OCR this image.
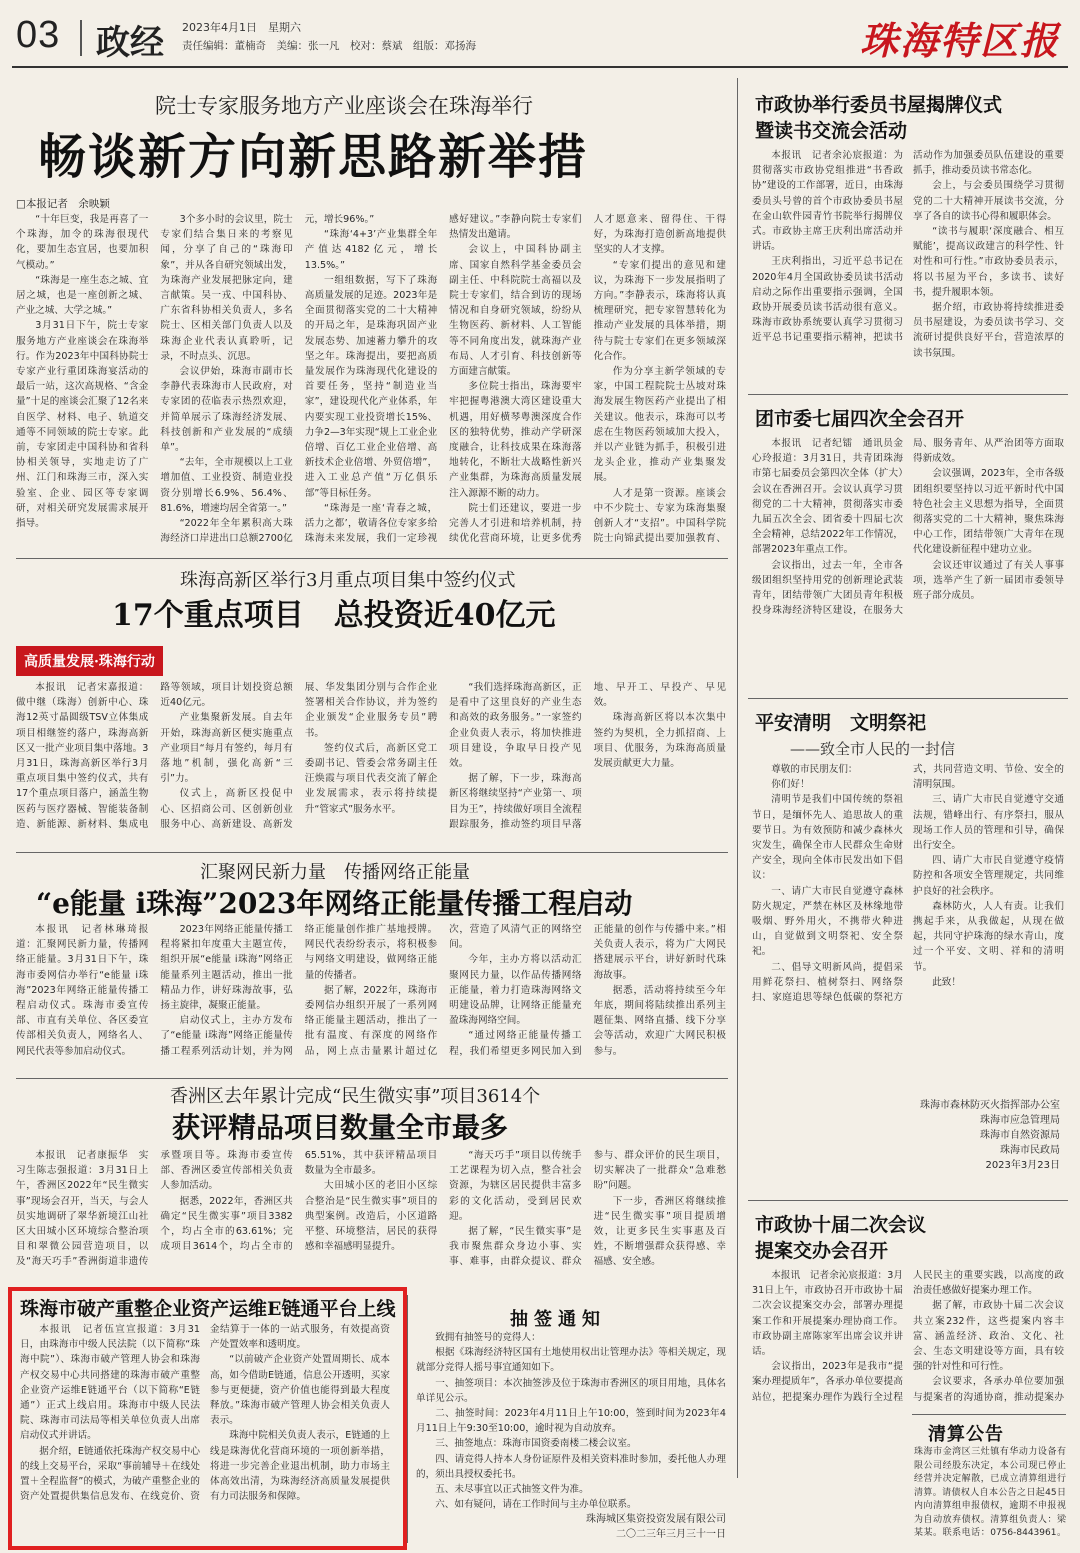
03 政经 2023年4月1日　星期六
责任编辑：董楠奇　美编：张一凡　校对：蔡斌　组版：邓扬海	珠海特区报
院士专家服务地方产业座谈会在珠海举行
畅谈新方向新思路新举措
□本报记者　余映颖

“十年巨变，我是再喜了一个珠海，加令的珠海很现代化，要加生态宜居，也要加积气模动。”

“珠海是一座生态之城、宜居之城，也是一座创新之城、产业之城、大学之城。”

3月31日下午，院士专家服务地方产业座谈会在珠海举行。作为2023年中国科协院士专家产业行重团珠海宴活动的最后一站，这次高规格、“含金量”十足的座谈会汇聚了12名来自医学、材料、电子、轨道交通等不同领域的院士专家。此前，专家团走中国科协和省科协相关领导，实地走访了广州、江门和珠海三市，深入实验室、企业、园区等专家调研，对相关研究发展需求展开指导。

3个多小时的会议里，院士专家们结合集日来的考察见闻，分享了自己的“珠海印象”，并从各自研究领域出发，为珠海产业发展把脉定向，建言献策。吴一戎、中国科协、广东省科协相关负责人，多名院士、区相关部门负责人以及珠海企业代表认真聆听，记录，不时点头、沉思。

会议伊始，珠海市副市长李静代表珠海市人民政府，对专家团的莅临表示热烈欢迎，并简单展示了珠海经济发展、科技创新和产业发展的“成绩单”。

“去年，全市规模以上工业增加值、工业投资、制造业投资分别增长6.9%、56.4%、81.6%，增速均居全省第一。”

“2022年全年累积高大珠海经济口岸进出口总额2700亿元，增长96%。”

“珠海‘4+3’产业集群全年产值达4182亿元，增长13.5%。”

一组组数据，写下了珠海高质量发展的足迹。2023年是全面贯彻落实党的二十大精神的开局之年，是珠海巩固产业发展态势、加速蓄力攀升的攻坚之年。珠海提出，要把高质量发展作为珠海现代化建设的首要任务，坚持“制造业当家”，建设现代化产业体系，年内要实现工业投资增长15%、力争2—3年实现“规上工业企业倍增、百亿工业企业倍增、高新技术企业倍增、外贸倍增”，进入工业总产值“万亿俱乐部”等目标任务。

“珠海是一座‘青春之城，活力之都’，敬请各位专家多给珠海未来发展，我们一定珍视感好建议。”李静向院士专家们热情发出邀请。

会议上，中国科协副主席、国家自然科学基金委员会副主任、中科院院士高福以及院士专家们，结合到访的现场情况和自身研究领域，纷纷从生物医药、新材料、人工智能等不同角度出发，就珠海产业布局、人才引育、科技创新等方面建言献策。

多位院士指出，珠海要牢牢把握粤港澳大湾区建设重大机遇，用好横琴粤澳深度合作区的独特优势，推动产学研深度融合，让科技成果在珠海落地转化，不断壮大战略性新兴产业集群，为珠海高质量发展注入源源不断的动力。

院士们还建议，要进一步完善人才引进和培养机制，持续优化营商环境，让更多优秀人才愿意来、留得住、干得好，为珠海打造创新高地提供坚实的人才支撑。

“专家们提出的意见和建议，为珠海下一步发展指明了方向。”李静表示，珠海将认真梳理研究，把专家智慧转化为推动产业发展的具体举措，期待与院士专家们在更多领域深化合作。

作为分享主新学领域的专家，中国工程院院士丛坡对珠海发展生物医药产业提出了相关建议。他表示，珠海可以考虑在生物医药领域加大投入，并以产业链为抓手，积极引进龙头企业，推动产业集聚发展。

人才是第一资源。座谈会中不少院士、专家为珠海集聚创新人才“支招”。中国科学院院士向锦武提出要加强教育、

珠海高新区举行3月重点项目集中签约仪式
17个重点项目　总投资近40亿元
高质量发展·珠海行动

本报讯　记者宋嘉报道：做中继（珠海）创新中心、珠海12英寸晶圆级TSV立体集成项目相继签约落户，珠海高新区又一批产业项目集中落地。3月31日，珠海高新区举行3月重点项目集中签约仪式，共有17个重点项目落户，涵盖生物医药与医疗器械、智能装备制造、新能源、新材料、集成电路等领域，项目计划投资总额近40亿元。

产业集聚新发展。自去年开始，珠海高新区便实施重点产业项目“每月有签约，每月有落地”机制，强化高新“三引”力。

仪式上，高新区投促中心、区招商公司、区创新创业服务中心、高新建设、高新发展、华发集团分别与合作企业签署相关合作协议，并为签约企业颁发“企业服务专员”聘书。

签约仪式后，高新区党工委副书记、管委会常务副主任汪焕霞与项目代表交流了解企业发展需求，表示将持续提升“管家式”服务水平。

“我们选择珠海高新区，正是看中了这里良好的产业生态和高效的政务服务。”一家签约企业负责人表示，将加快推进项目建设，争取早日投产见效。

据了解，下一步，珠海高新区将继续坚持“产业第一、项目为王”，持续做好项目全流程跟踪服务，推动签约项目早落地、早开工、早投产、早见效。

珠海高新区将以本次集中签约为契机，全力抓招商、上项目、优服务，为珠海高质量发展贡献更大力量。

汇聚网民新力量　传播网络正能量
“e能量 i珠海”2023年网络正能量传播工程启动

本报讯　记者林琳琦报道：汇聚网民新力量，传播网络正能量。3月31日下午，珠海市委网信办举行“e能量 i珠海”2023年网络正能量传播工程启动仪式。珠海市委宣传部、市直有关单位、各区委宣传部相关负责人，网络名人、网民代表等参加启动仪式。

2023年网络正能量传播工程将紧扣年度重大主题宣传，组织开展“e能量 i珠海”网络正能量系列主题活动，推出一批精品力作，讲好珠海故事，弘扬主旋律，凝聚正能量。

启动仪式上，主办方发布了“e能量 i珠海”网络正能量传播工程系列活动计划，并为网络正能量创作推广基地授牌。网民代表纷纷表示，将积极参与网络文明建设，做网络正能量的传播者。

据了解，2022年，珠海市委网信办组织开展了一系列网络正能量主题活动，推出了一批有温度、有深度的网络作品，网上点击量累计超过亿次，营造了风清气正的网络空间。

今年，主办方将以活动汇聚网民力量，以作品传播网络正能量，着力打造珠海网络文明建设品牌，让网络正能量充盈珠海网络空间。

“通过网络正能量传播工程，我们希望更多网民加入到正能量的创作与传播中来。”相关负责人表示，将为广大网民搭建展示平台，讲好新时代珠海故事。

据悉，活动将持续至今年年底，期间将陆续推出系列主题征集、网络直播、线下分享会等活动，欢迎广大网民积极参与。

香洲区去年累计完成“民生微实事”项目3614个
获评精品项目数量全市最多

本报讯　记者康振华　实习生陈志强报道：3月31日上午，香洲区2022年“民生微实事”现场会召开，当天，与会人员实地调研了翠华新境江山社区大田城小区环境综合整治项目和翠微公园营造项目，以及“海天巧手”香洲街道非遗传承暨项目等。珠海市委宣传部、香洲区委宣传部相关负责人参加活动。

据悉，2022年，香洲区共确定“民生微实事”项目3382个，均占全市的63.61%；完成项目3614个，均占全市的65.51%，其中获评精品项目数量为全市最多。

大田城小区的老旧小区综合整治是“民生微实事”项目的典型案例。改造后，小区道路平整、环境整洁，居民的获得感和幸福感明显提升。

“海天巧手”项目以传统手工艺课程为切入点，整合社会资源，为辖区居民提供丰富多彩的文化活动，受到居民欢迎。

据了解，“民生微实事”是我市聚焦群众身边小事、实事、难事，由群众提议、群众参与、群众评价的民生项目，切实解决了一批群众“急难愁盼”问题。

下一步，香洲区将继续推进“民生微实事”项目提质增效，让更多民生实事惠及百姓，不断增强群众获得感、幸福感、安全感。

珠海市破产重整企业资产运维E链通平台上线

本报讯　记者伍宣宣报道：3月31日，由珠海市中级人民法院（以下简称“珠海中院”）、珠海市破产管理人协会和珠海产权交易中心共同搭建的珠海市破产重整企业资产运维E链通平台（以下简称“E链通”）正式上线启用。珠海市中级人民法院、珠海市司法局等相关单位负责人出席启动仪式并讲话。

据介绍，E链通依托珠海产权交易中心的线上交易平台，采取“事前辅导＋在线处置＋全程监督”的模式，为破产重整企业的资产处置提供集信息发布、在线竞价、资金结算于一体的一站式服务，有效提高资产处置效率和透明度。

“以前破产企业资产处置周期长、成本高，如今借助E链通，信息公开透明，买家参与更便捷，资产价值也能得到最大程度释放。”珠海市破产管理人协会相关负责人表示。

珠海中院相关负责人表示，E链通的上线是珠海优化营商环境的一项创新举措，将进一步完善企业退出机制，助力市场主体高效出清，为珠海经济高质量发展提供有力司法服务和保障。

抽签通知

致拥有抽签号的竞得人：

根据《珠海经济特区国有土地使用权出让管理办法》等相关规定，现就部分竞得人摇号事宜通知如下。

一、抽签项目：本次抽签涉及位于珠海市香洲区的项目用地，具体名单详见公示。

二、抽签时间：2023年4月11日上午10:00，签到时间为2023年4月11日上午9:30至10:00，逾时视为自动放弃。

三、抽签地点：珠海市国资委南楼二楼会议室。

四、请竞得人持本人身份证原件及相关资料准时参加，委托他人办理的，须出具授权委托书。

五、未尽事宜以正式抽签文件为准。

六、如有疑问，请在工作时间与主办单位联系。

珠海城区集资投资发展有限公司
二〇二三年三月三十一日
市政协举行委员书屋揭牌仪式
暨读书交流会活动

本报讯　记者余沁宸报道：为贯彻落实市政协党组推进“书香政协”建设的工作部署，近日，由珠海委员头号曾的首个市政协委员书屋在金山软件园青竹书院举行揭牌仪式。市政协主席王庆利出席活动并讲话。

王庆利指出，习近平总书记在2020年4月全国政协委员读书活动启动之际作出重要指示强调，全国政协开展委员读书活动很有意义。珠海市政协系统要认真学习贯彻习近平总书记重要指示精神，把读书活动作为加强委员队伍建设的重要抓手，推动委员读书常态化。

会上，与会委员围绕学习贯彻党的二十大精神开展读书交流，分享了各自的读书心得和履职体会。

“读书与履职‘深度融合、相互赋能’，提高议政建言的科学性、针对性和可行性。”市政协委员表示，将以书屋为平台，多读书、读好书，提升履职本领。

据介绍，市政协将持续推进委员书屋建设，为委员读书学习、交流研讨提供良好平台，营造浓厚的读书氛围。

团市委七届四次全会召开

本报讯　记者纪镭　通讯员金心玲报道：3月31日，共青团珠海市第七届委员会第四次全体（扩大）会议在香洲召开。会议认真学习贯彻党的二十大精神，贯彻落实市委九届五次全会、团省委十四届七次全会精神，总结2022年工作情况，部署2023年重点工作。

会议指出，过去一年，全市各级团组织坚持用党的创新理论武装青年，团结带领广大团员青年积极投身珠海经济特区建设，在服务大局、服务青年、从严治团等方面取得新成效。

会议强调，2023年，全市各级团组织要坚持以习近平新时代中国特色社会主义思想为指导，全面贯彻落实党的二十大精神，聚焦珠海中心工作，团结带领广大青年在现代化建设新征程中建功立业。

会议还审议通过了有关人事事项，选举产生了新一届团市委领导班子部分成员。

平安清明　文明祭祀
——致全市人民的一封信

尊敬的市民朋友们：

你们好！

清明节是我们中国传统的祭祖节日，是缅怀先人、追思故人的重要节日。为有效预防和减少森林火灾发生，确保全市人民群众生命财产安全，现向全体市民发出如下倡议：

一、请广大市民自觉遵守森林防火规定，严禁在林区及林缘地带吸烟、野外用火，不携带火种进山，自觉做到文明祭祀、安全祭祀。

二、倡导文明新风尚，提倡采用鲜花祭扫、植树祭扫、网络祭扫、家庭追思等绿色低碳的祭祀方式，共同营造文明、节俭、安全的清明氛围。

三、请广大市民自觉遵守交通法规，错峰出行、有序祭扫，服从现场工作人员的管理和引导，确保出行安全。

四、请广大市民自觉遵守疫情防控和各项安全管理规定，共同维护良好的社会秩序。

森林防火，人人有责。让我们携起手来，从我做起，从现在做起，共同守护珠海的绿水青山，度过一个平安、文明、祥和的清明节。

此致！

珠海市森林防灭火指挥部办公室
珠海市应急管理局
珠海市自然资源局
珠海市民政局
2023年3月23日
市政协十届二次会议
提案交办会召开

本报讯　记者余沁宸报道：3月31日上午，市政协召开市政协十届二次会议提案交办会，部署办理提案工作和开展提案办理协商工作。市政协副主席陈家军出席会议并讲话。

会议指出，2023年是我市“提案办理提质年”，各承办单位要提高站位，把提案办理作为践行全过程人民民主的重要实践，以高度的政治责任感做好提案办理工作。

据了解，市政协十届二次会议共立案232件，这些提案内容丰富、涵盖经济、政治、文化、社会、生态文明建设等方面，具有较强的针对性和可行性。

会议要求，各承办单位要加强与提案者的沟通协商，推动提案办

清算公告
珠海市金湾区三灶镇有华动力设备有限公司经股东决定，本公司现已停止经营并决定解散，已成立清算组进行清算。请债权人自本公告之日起45日内向清算组申报债权，逾期不申报视为自动放弃债权。清算组负责人：梁某某。联系电话：0756-8443961。
